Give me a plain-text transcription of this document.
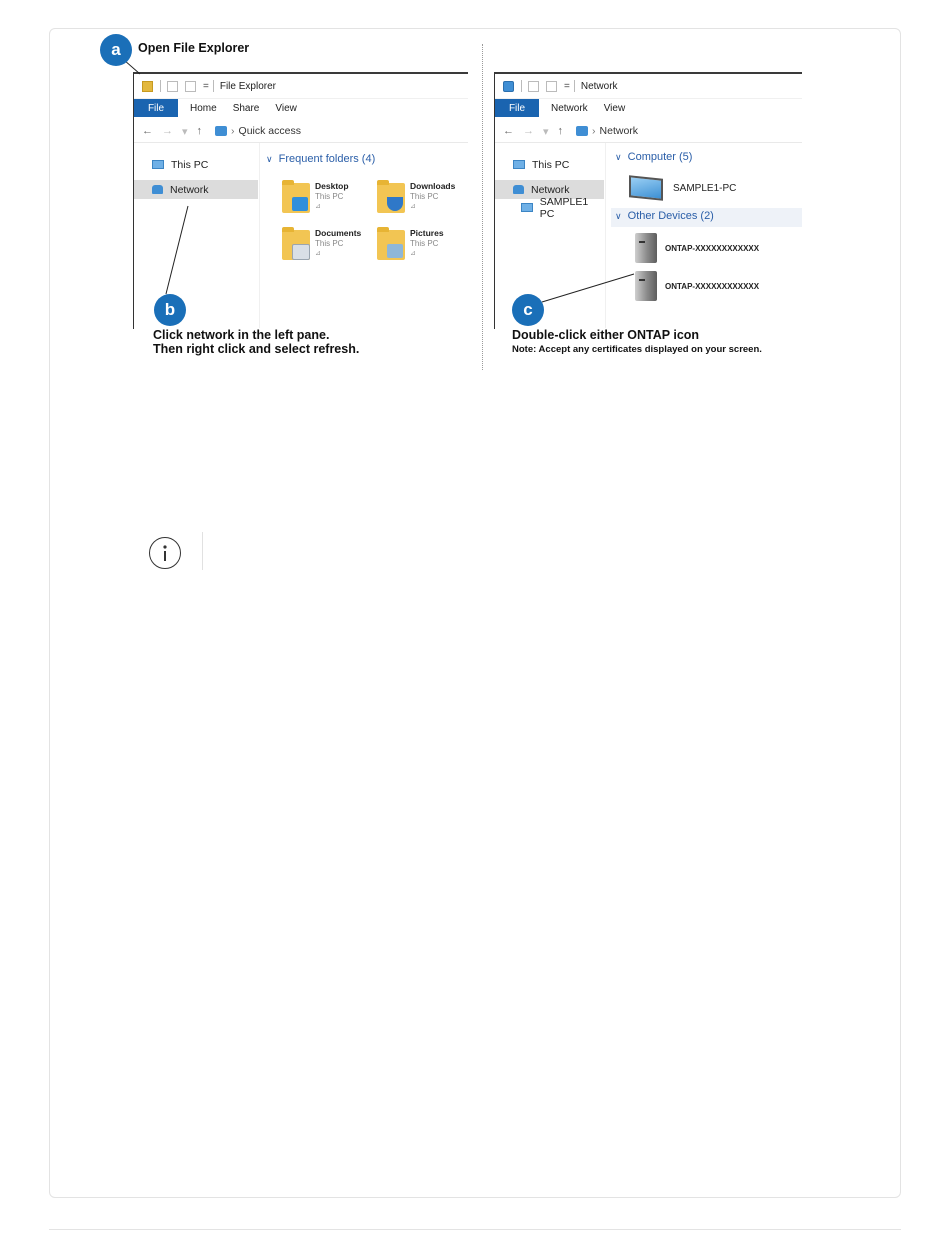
a	Open File Explorer
= File Explorer
File	Home	Share	View
← → ▾ ↑	› Quick access
This PC
Network
∨ Frequent folders (4)
Desktop
This PC
⊿
Downloads
This PC
⊿
Documents
This PC
⊿
Pictures
This PC
⊿
= Network
File	Network	View
← → ▾ ↑	› Network
This PC
Network
SAMPLE1 PC
∨ Computer (5)
SAMPLE1-PC
∨ Other Devices (2)
ONTAP-XXXXXXXXXXXX
ONTAP-XXXXXXXXXXXX
b
Click network in the left pane.
Then right click and select refresh.
c
Double-click either ONTAP icon
Note: Accept any certificates displayed on your screen.
